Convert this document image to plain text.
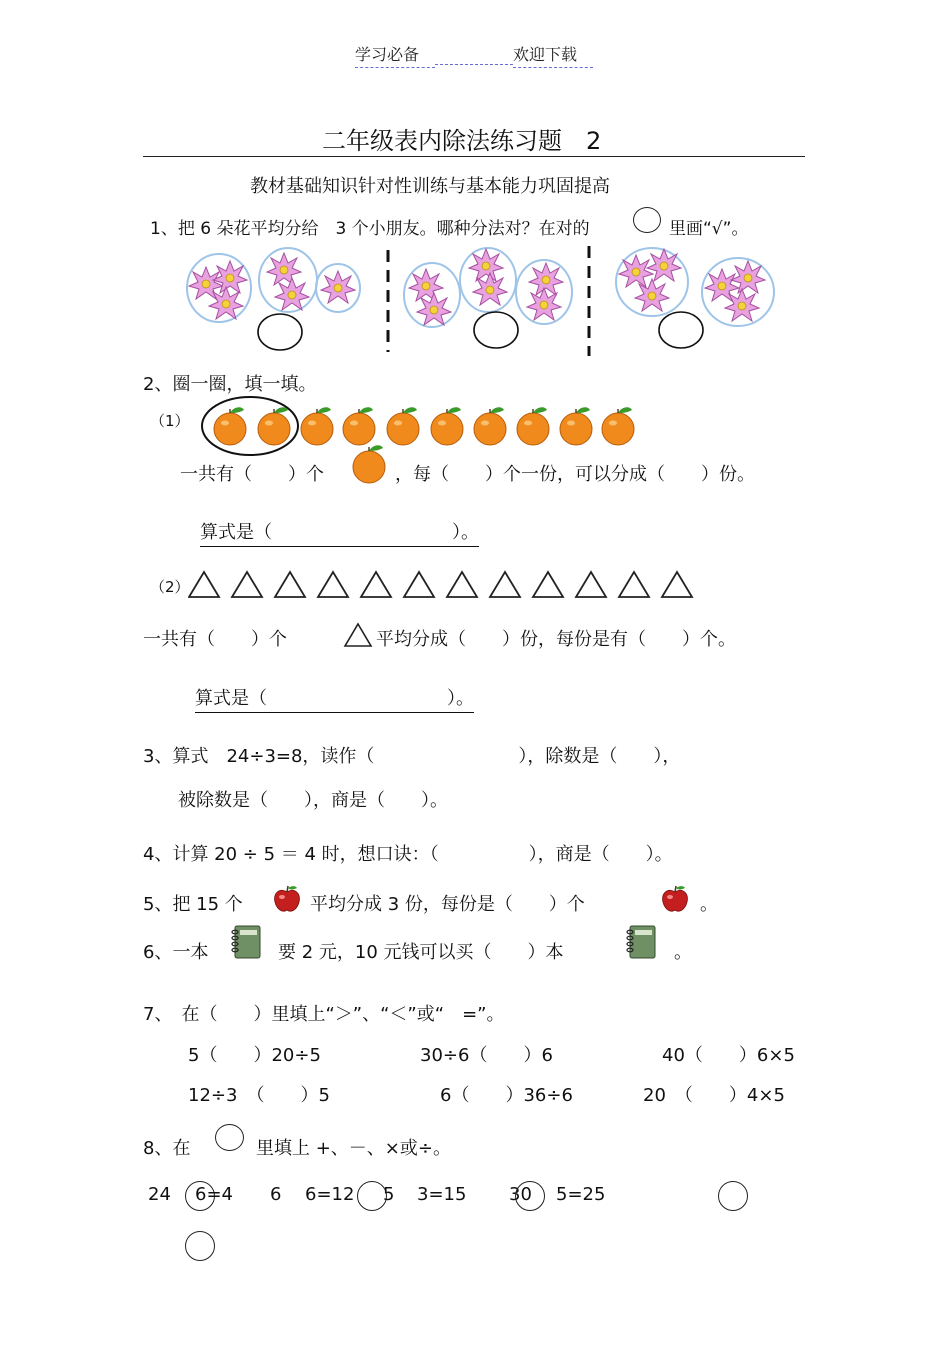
学习必备	欢迎下载
二年级表内除法练习题　2
教材基础知识针对性训练与基本能力巩固提高
1、把 6 朵花平均分给　3 个小朋友。哪种分法对？在对的	里画“√”。
2、圈一圈，填一填。
（1）
一共有（　　）个	，每（　　）个一份，可以分成（　　）份。
算式是（　　　　　　　　　　）。
（2）
一共有（　　）个	平均分成（　　）份，每份是有（　　）个。
算式是（　　　　　　　　　　）。
3、算式　24÷3=8，读作（　　　　　　　　），除数是（　　），
被除数是（　　），商是（　　）。
4、计算 20 ÷ 5 ＝ 4 时，想口诀：（　　　　　），商是（　　）。
5、把 15 个	平均分成 3 份，每份是（　　）个	。
6、一本	要 2 元，10 元钱可以买（　　）本	。
7、　在（　　）里填上“＞”、“＜”或“　=”。
5（　　）20÷5	30÷6（　　）6	40（　　）6×5
12÷3　（　　）5	6（　　）36÷6	20　（　　）4×5
8、在	里填上 +、－、×或÷。
24 6=4 6 6=12 5 3=15 30 5=25
